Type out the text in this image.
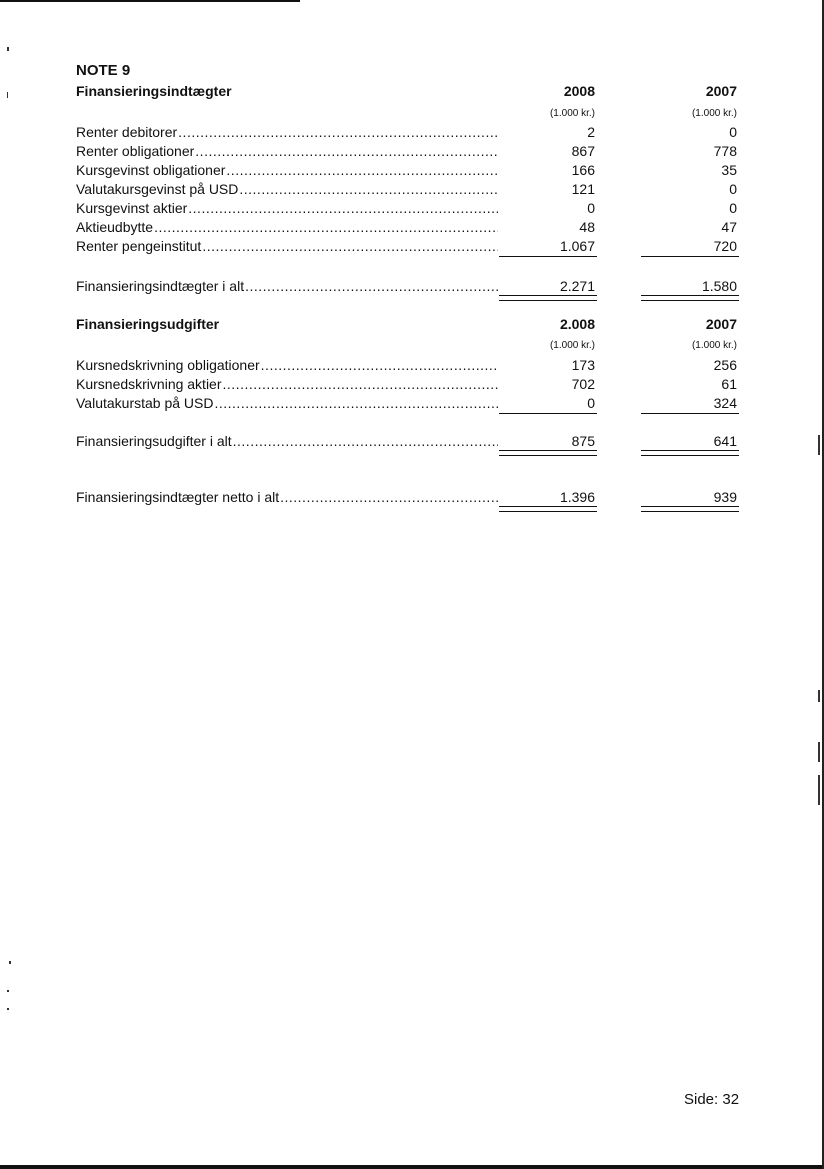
NOTE 9
Finansieringsindtægter	2008	2007
(1.000 kr.)	(1.000 kr.)
Renter debitorer .....	2	0
Renter obligationer .....	867	778
Kursgevinst obligationer .....	166	35
Valutakursgevinst på USD .....	121	0
Kursgevinst aktier .....	0	0
Aktieudbytte .....	48	47
Renter pengeinstitut .....	1.067	720
Finansieringsindtægter i alt .....	2.271	1.580
Finansieringsudgifter	2.008	2007
(1.000 kr.)	(1.000 kr.)
Kursnedskrivning obligationer .....	173	256
Kursnedskrivning aktier .....	702	61
Valutakurstab på USD .....	0	324
Finansieringsudgifter i alt .....	875	641
Finansieringsindtægter netto i alt .....	1.396	939
Side: 32
